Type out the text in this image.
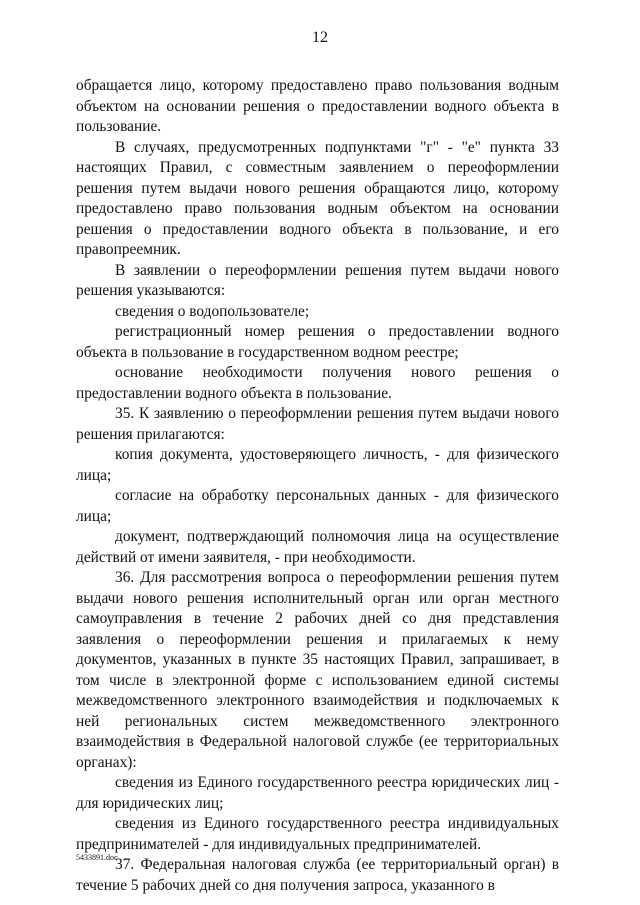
12

обращается лицо, которому предоставлено право пользования водным объектом на основании решения о предоставлении водного объекта в пользование.

В случаях, предусмотренных подпунктами "г" - "е" пункта 33 настоящих Правил, с совместным заявлением о переоформлении решения путем выдачи нового решения обращаются лицо, которому предоставлено право пользования водным объектом на основании решения о предоставлении водного объекта в пользование, и его правопреемник.

В заявлении о переоформлении решения путем выдачи нового решения указываются:

сведения о водопользователе;

регистрационный номер решения о предоставлении водного объекта в пользование в государственном водном реестре;

основание необходимости получения нового решения о предоставлении водного объекта в пользование.

35. К заявлению о переоформлении решения путем выдачи нового решения прилагаются:

копия документа, удостоверяющего личность, - для физического лица;

согласие на обработку персональных данных - для физического лица;

документ, подтверждающий полномочия лица на осуществление действий от имени заявителя, - при необходимости.

36. Для рассмотрения вопроса о переоформлении решения путем выдачи нового решения исполнительный орган или орган местного самоуправления в течение 2 рабочих дней со дня представления заявления о переоформлении решения и прилагаемых к нему документов, указанных в пункте 35 настоящих Правил, запрашивает, в том числе в электронной форме с использованием единой системы межведомственного электронного взаимодействия и подключаемых к ней региональных систем межведомственного электронного взаимодействия в Федеральной налоговой службе (ее территориальных органах):

сведения из Единого государственного реестра юридических лиц - для юридических лиц;

сведения из Единого государственного реестра индивидуальных предпринимателей - для индивидуальных предпринимателей.

37. Федеральная налоговая служба (ее территориальный орган) в течение 5 рабочих дней со дня получения запроса, указанного в

5433891.doc
